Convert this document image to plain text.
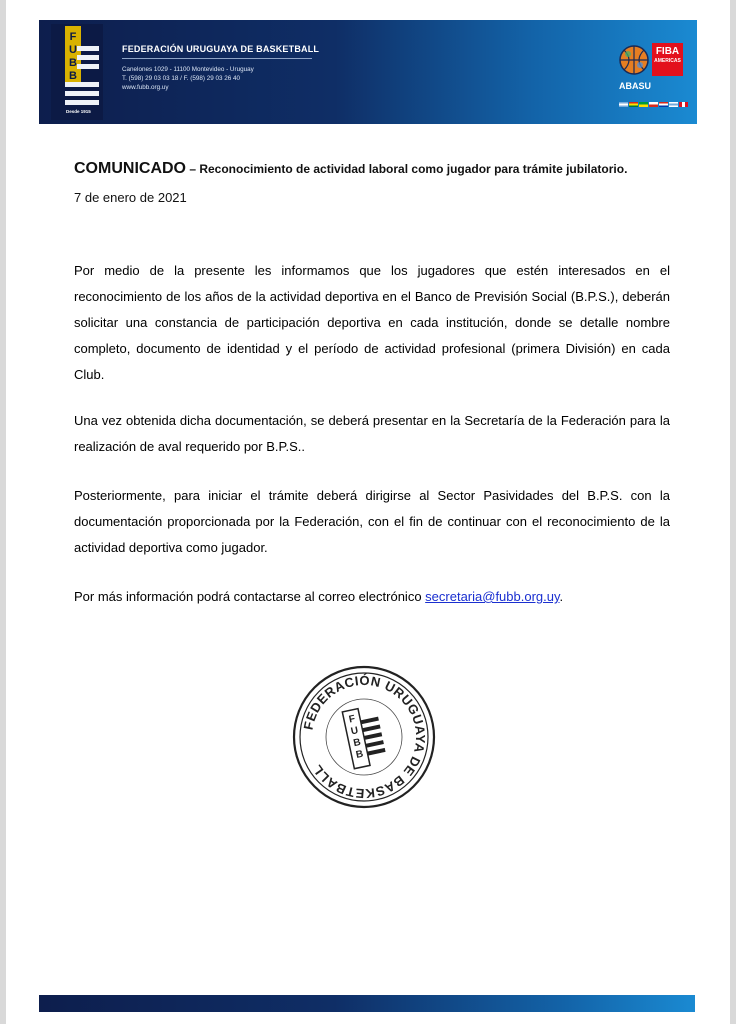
F
U
B
B
Desde 1915
FEDERACIÓN URUGUAYA DE BASKETBALL
Canelones 1029 - 11100 Montevideo - Uruguay
T. (598) 29 03 03 18 / F. (598) 29 03 26 40
www.fubb.org.uy
FIBA
AMERICAS
ABASU
COMUNICADO – Reconocimiento de actividad laboral como jugador para trámite jubilatorio.
7 de enero de 2021

Por medio de la presente les informamos que los jugadores que estén interesados en el reconocimiento de los años de la actividad deportiva en el Banco de Previsión Social (B.P.S.), deberán solicitar una constancia de participación deportiva en cada institución, donde se detalle nombre completo, documento de identidad y el período de actividad profesional (primera División) en cada Club.

Una vez obtenida dicha documentación, se deberá presentar en la Secretaría de la Federación para la realización de aval requerido por B.P.S..

Posteriormente, para iniciar el trámite deberá dirigirse al Sector Pasividades del B.P.S. con la documentación proporcionada por la Federación, con el fin de continuar con el reconocimiento de la actividad deportiva como jugador.

Por más información podrá contactarse al correo electrónico secretaria@fubb.org.uy.

FEDERACIÓN URUGUAYA DE BASKETBALL
F
U
B
B
